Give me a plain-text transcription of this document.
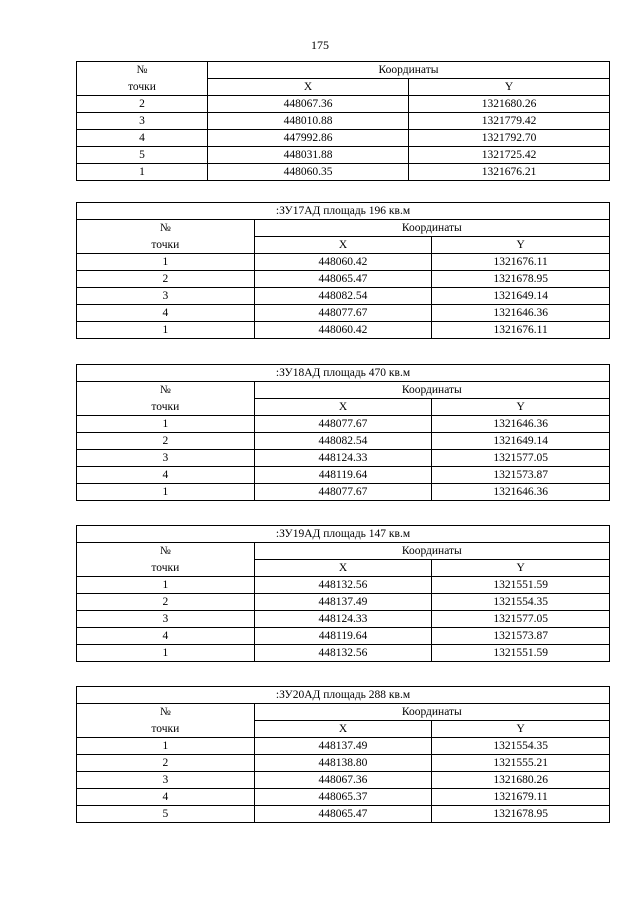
175
№	Координаты	
точки	X	Y
2	448067.36	1321680.26
3	448010.88	1321779.42
4	447992.86	1321792.70
5	448031.88	1321725.42
1	448060.35	1321676.21
:ЗУ17АД площадь 196 кв.м		
№	Координаты	
точки	X	Y
1	448060.42	1321676.11
2	448065.47	1321678.95
3	448082.54	1321649.14
4	448077.67	1321646.36
1	448060.42	1321676.11
:ЗУ18АД площадь 470 кв.м		
№	Координаты	
точки	X	Y
1	448077.67	1321646.36
2	448082.54	1321649.14
3	448124.33	1321577.05
4	448119.64	1321573.87
1	448077.67	1321646.36
:ЗУ19АД площадь 147 кв.м		
№	Координаты	
точки	X	Y
1	448132.56	1321551.59
2	448137.49	1321554.35
3	448124.33	1321577.05
4	448119.64	1321573.87
1	448132.56	1321551.59
:ЗУ20АД площадь 288 кв.м		
№	Координаты	
точки	X	Y
1	448137.49	1321554.35
2	448138.80	1321555.21
3	448067.36	1321680.26
4	448065.37	1321679.11
5	448065.47	1321678.95
